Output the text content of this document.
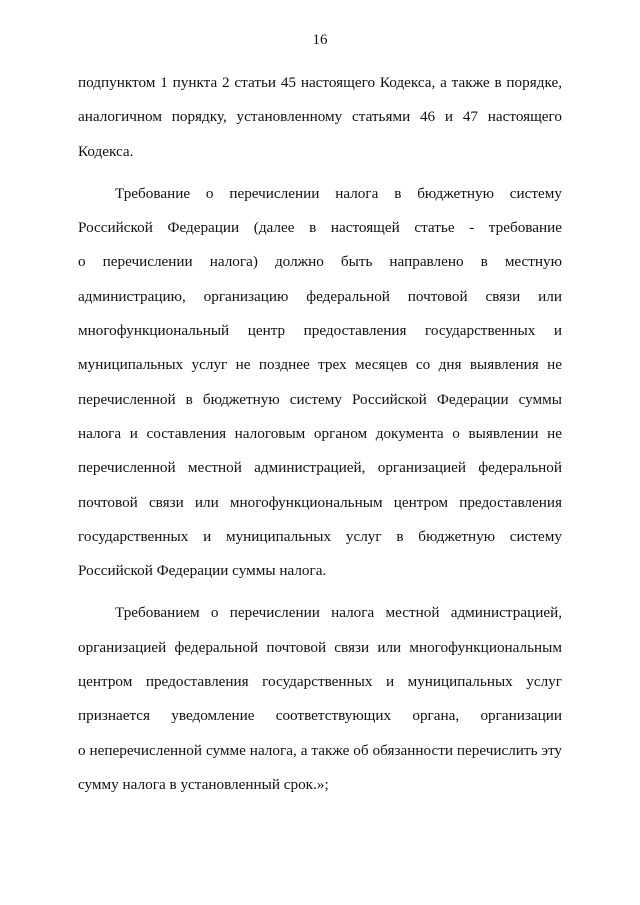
16
подпунктом 1 пункта 2 статьи 45 настоящего Кодекса, а также в порядке,
аналогичном порядку, установленному статьями 46 и 47 настоящего
Кодекса.
Требование о перечислении налога в бюджетную систему
Российской Федерации (далее в настоящей статье - требование
о перечислении налога) должно быть направлено в местную
администрацию, организацию федеральной почтовой связи или
многофункциональный центр предоставления государственных и
муниципальных услуг не позднее трех месяцев со дня выявления не
перечисленной в бюджетную систему Российской Федерации суммы
налога и составления налоговым органом документа о выявлении не
перечисленной местной администрацией, организацией федеральной
почтовой связи или многофункциональным центром предоставления
государственных и муниципальных услуг в бюджетную систему
Российской Федерации суммы налога.
Требованием о перечислении налога местной администрацией,
организацией федеральной почтовой связи или многофункциональным
центром предоставления государственных и муниципальных услуг
признается уведомление соответствующих органа, организации
о неперечисленной сумме налога, а также об обязанности перечислить эту
сумму налога в установленный срок.»;
